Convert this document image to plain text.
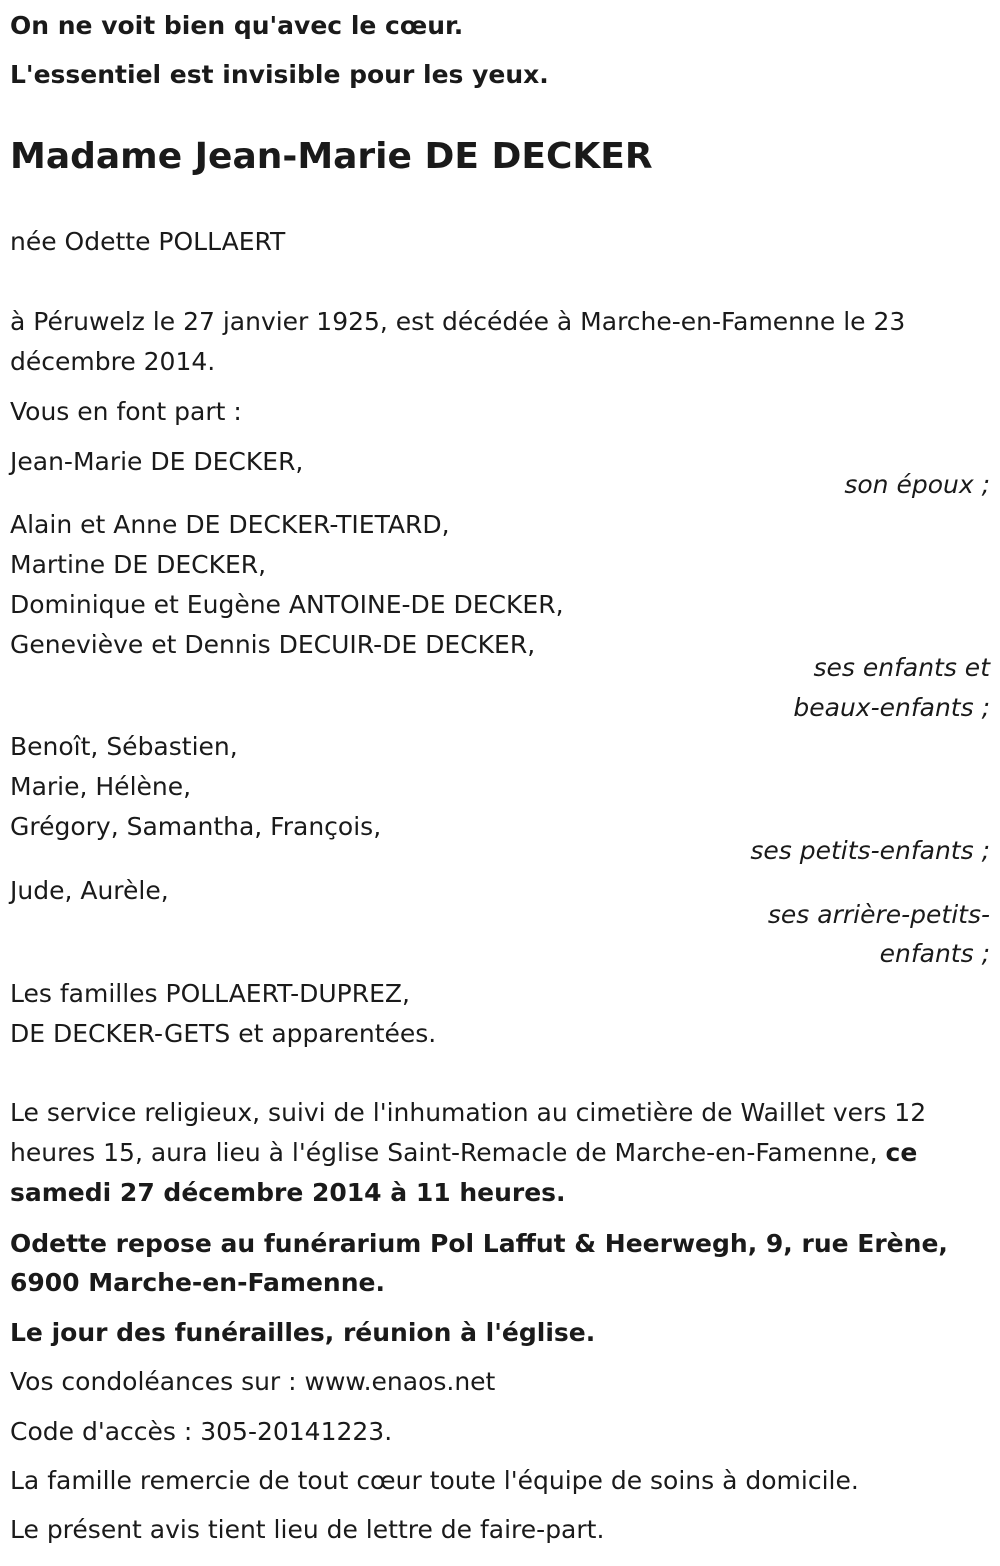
On ne voit bien qu'avec le cœur.
L'essentiel est invisible pour les yeux.
Madame Jean-Marie DE DECKER
née Odette POLLAERT
à Péruwelz le 27 janvier 1925, est décédée à Marche-en-Famenne le 23
décembre 2014.
Vous en font part :
Jean-Marie DE DECKER,
son époux ;
Alain et Anne DE DECKER-TIETARD,
Martine DE DECKER,
Dominique et Eugène ANTOINE-DE DECKER,
Geneviève et Dennis DECUIR-DE DECKER,
ses enfants et
beaux-enfants ;
Benoît, Sébastien,
Marie, Hélène,
Grégory, Samantha, François,
ses petits-enfants ;
Jude, Aurèle,
ses arrière-petits-
enfants ;
Les familles POLLAERT-DUPREZ,
DE DECKER-GETS et apparentées.
Le service religieux, suivi de l'inhumation au cimetière de Waillet vers 12
heures 15, aura lieu à l'église Saint-Remacle de Marche-en-Famenne, ce
samedi 27 décembre 2014 à 11 heures.
Odette repose au funérarium Pol Laffut & Heerwegh, 9, rue Erène,
6900 Marche-en-Famenne.
Le jour des funérailles, réunion à l'église.
Vos condoléances sur : www.enaos.net
Code d'accès : 305-20141223.
La famille remercie de tout cœur toute l'équipe de soins à domicile.
Le présent avis tient lieu de lettre de faire-part.
